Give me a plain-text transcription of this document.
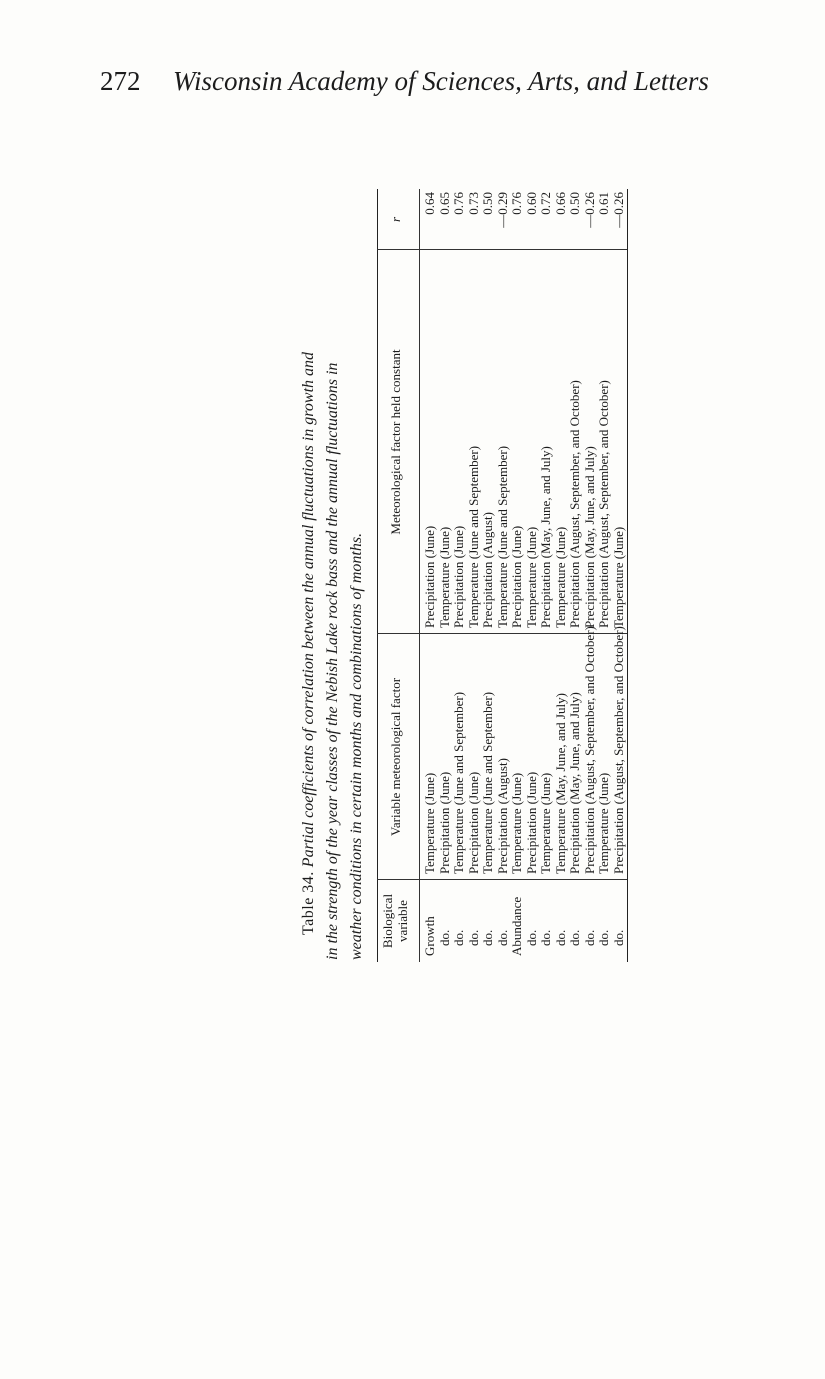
272 Wisconsin Academy of Sciences, Arts, and Letters
Table 34. Partial coefficients of correlation between the annual fluctuations in growth and in the strength of the year classes of the Nebish Lake rock bass and the annual fluctuations in weather conditions in certain months and combinations of months.	Biological variable
Variable meteorological factor
Meteorological factor held constant
r
Growth
Temperature (June)
Precipitation (June)
0.64
do.
Precipitation (June)
Temperature (June)
0.65
do.
Temperature (June and September)
Precipitation (June)
0.76
do.
Precipitation (June)
Temperature (June and September)
0.73
do.
Temperature (June and September)
Precipitation (August)
0.50
do.
Precipitation (August)
Temperature (June and September)
—0.29
Abundance
Temperature (June)
Precipitation (June)
0.76
do.
Precipitation (June)
Temperature (June)
0.60
do.
Temperature (June)
Precipitation (May, June, and July)
0.72
do.
Temperature (May, June, and July)
Temperature (June)
0.66
do.
Precipitation (May, June, and July)
Precipitation (August, September, and October)
0.50
do.
Precipitation (August, September, and October)
Precipitation (May, June, and July)
—0.26
do.
Temperature (June)
Precipitation (August, September, and October)
0.61
do.
Precipitation (August, September, and October)
Temperature (June)
—0.26
